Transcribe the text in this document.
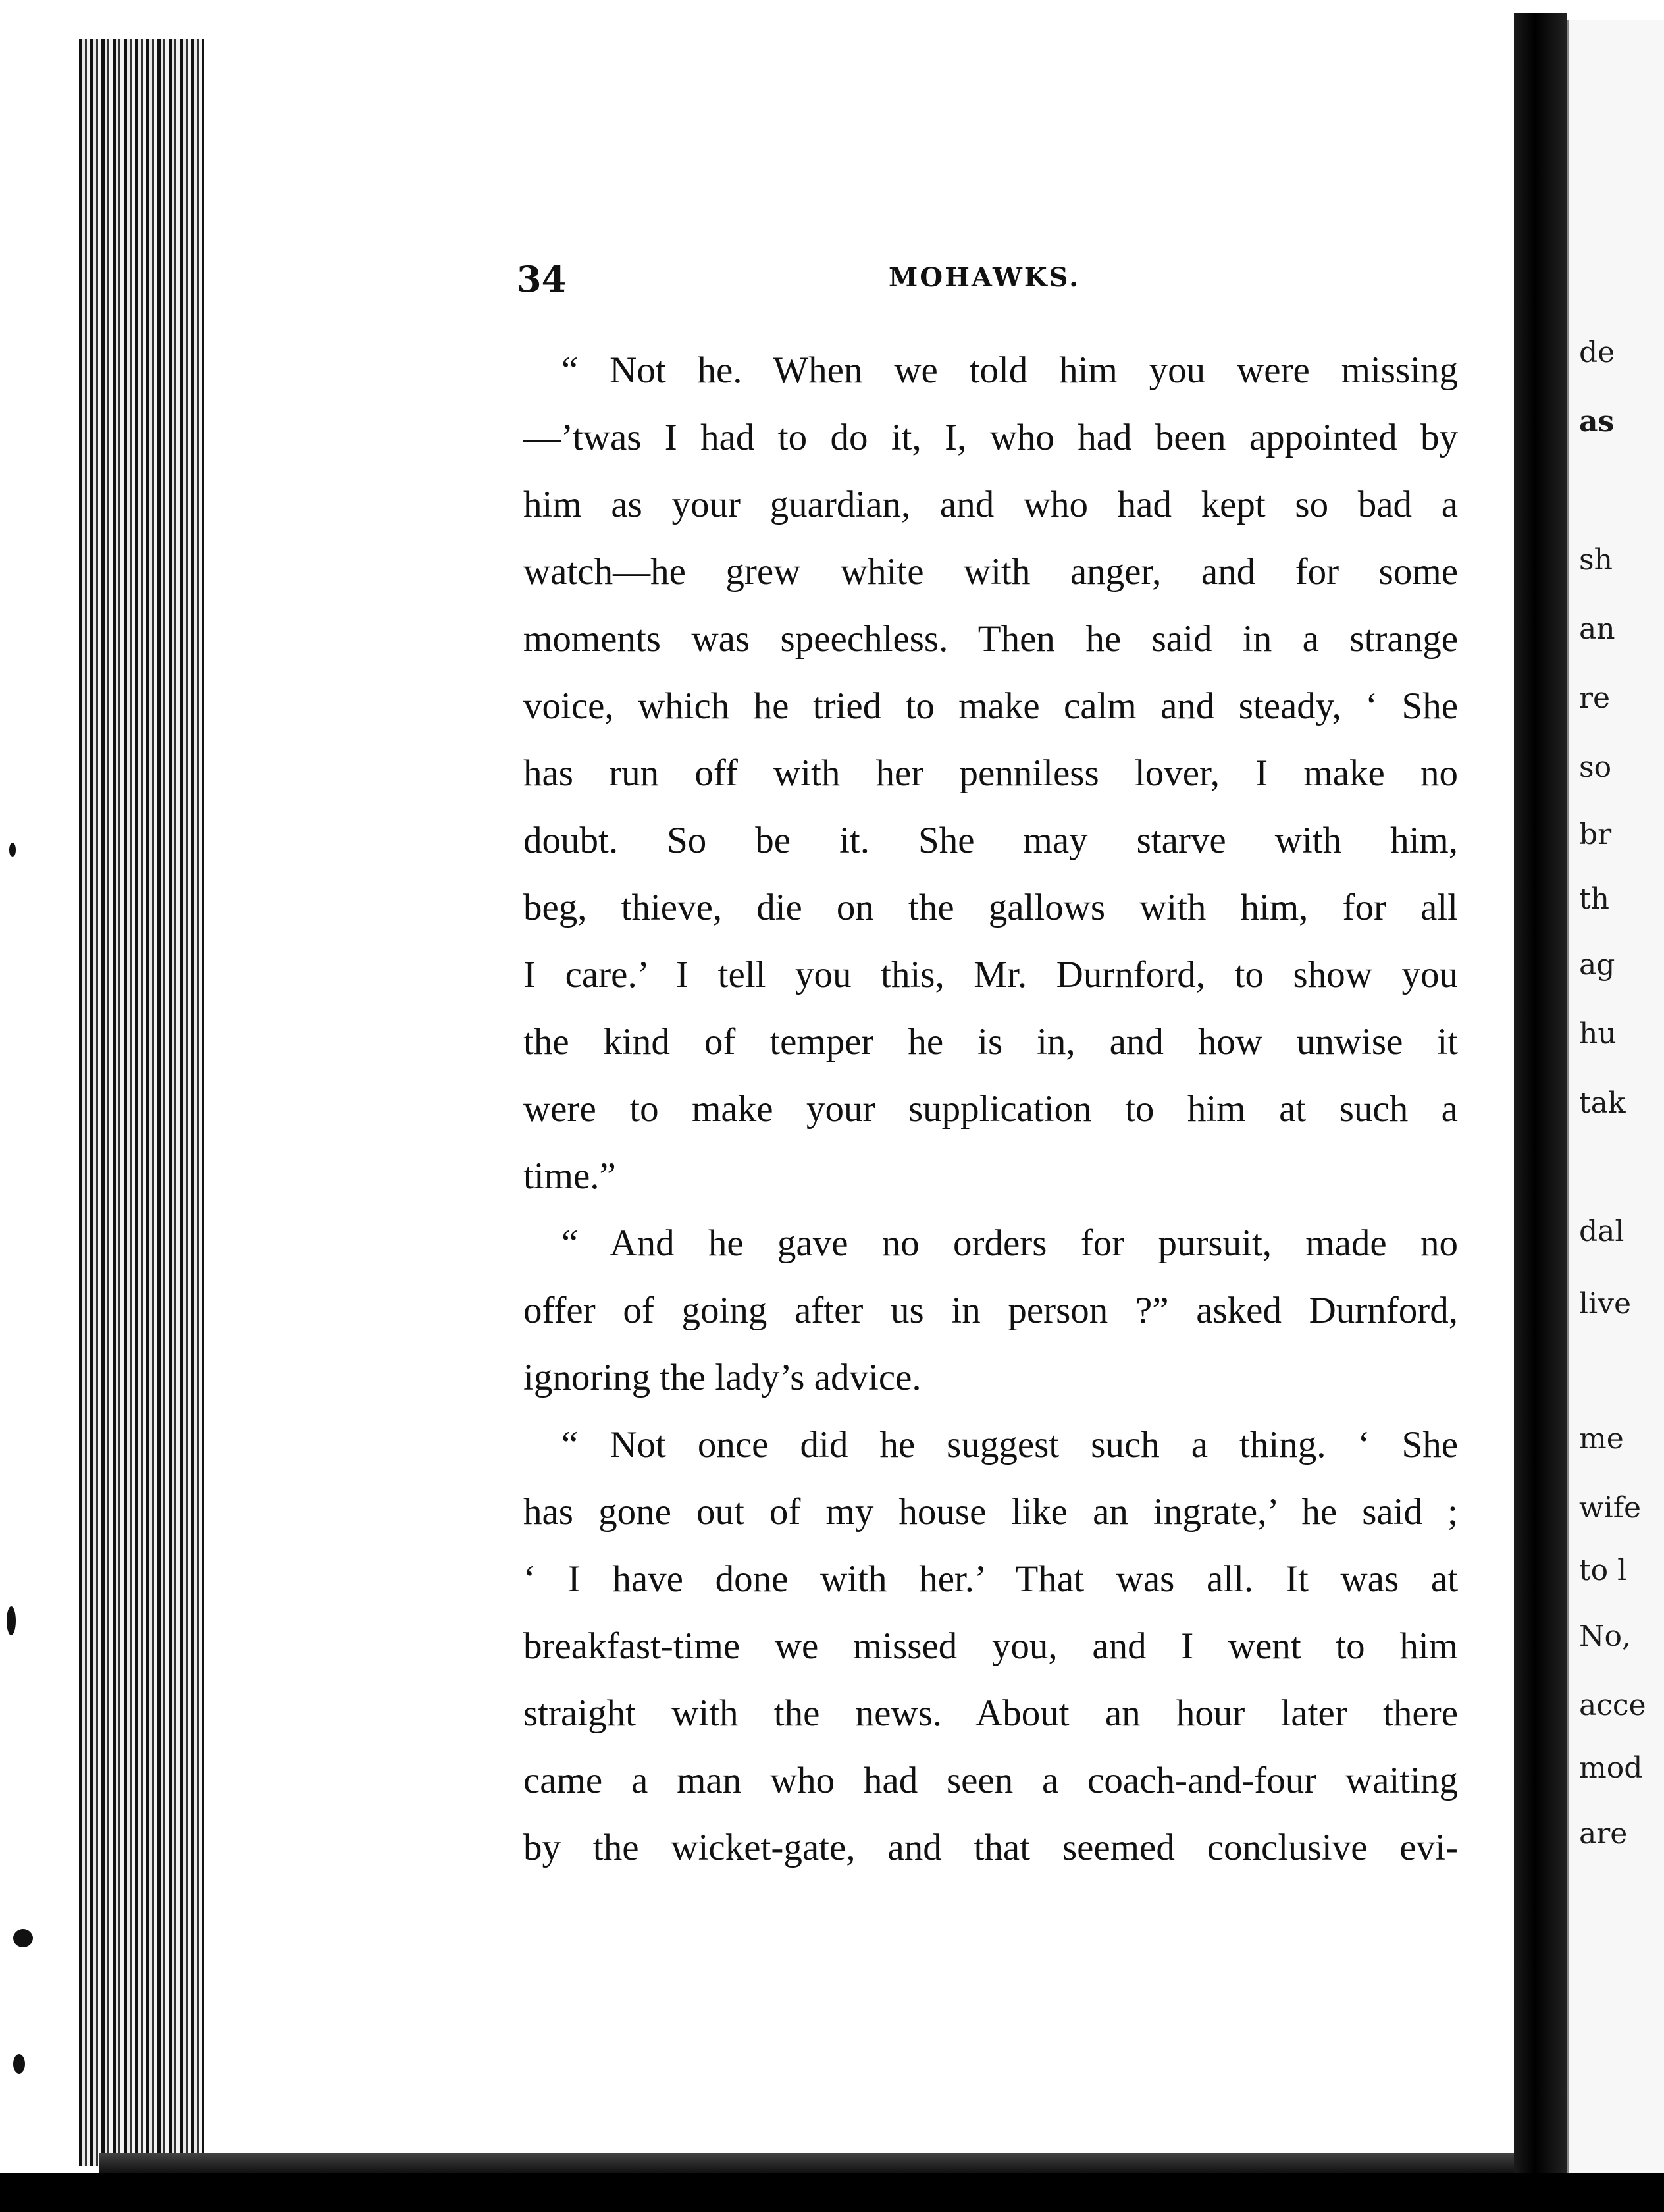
de
as
sh
an
re
so
br
th
ag
hu
tak
dal
live
me
wife
to l
No,
acce
mod
are
34	MOHAWKS.
“ Not he. When we told him you were missing
—’twas I had to do it, I, who had been appointed by
him as your guardian, and who had kept so bad a
watch—he grew white with anger, and for some
moments was speechless. Then he said in a strange
voice, which he tried to make calm and steady, ‘ She
has run off with her penniless lover, I make no
doubt. So be it. She may starve with him,
beg, thieve, die on the gallows with him, for all
I care.’ I tell you this, Mr. Durnford, to show you
the kind of temper he is in, and how unwise it
were to make your supplication to him at such a
time.”
“ And he gave no orders for pursuit, made no
offer of going after us in person ?” asked Durnford,
ignoring the lady’s advice.
“ Not once did he suggest such a thing. ‘ She
has gone out of my house like an ingrate,’ he said ;
‘ I have done with her.’ That was all. It was at
breakfast-time we missed you, and I went to him
straight with the news. About an hour later there
came a man who had seen a coach-and-four waiting
by the wicket-gate, and that seemed conclusive evi-
